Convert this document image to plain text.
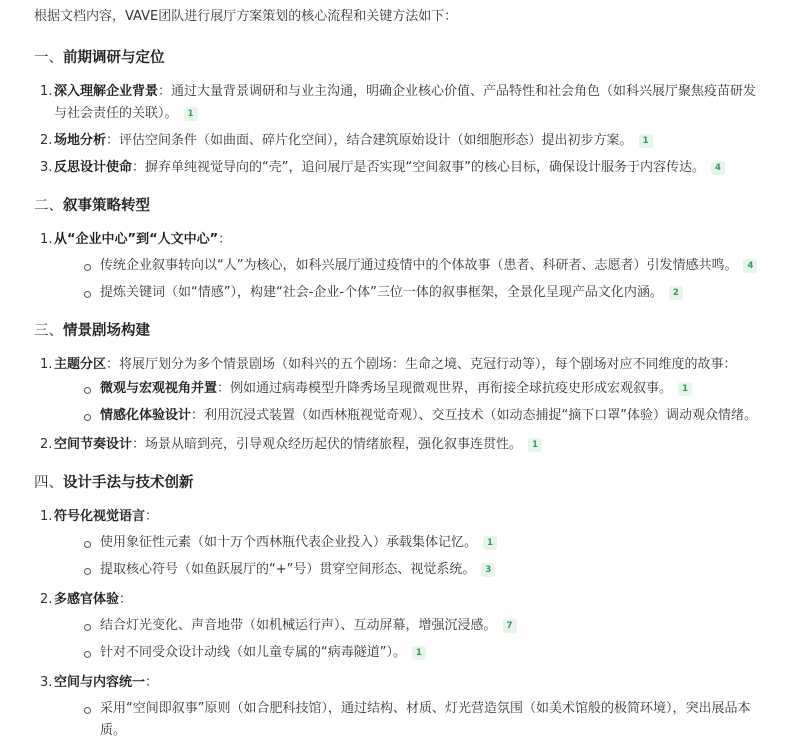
根据文档内容，VAVE团队进行展厅方案策划的核心流程和关键方法如下：

一、前期调研与定位
1. 深入理解企业背景：通过大量背景调研和与业主沟通，明确企业核心价值、产品特性和社会角色（如科兴展厅聚焦疫苗研发与社会责任的关联）。 1
2. 场地分析：评估空间条件（如曲面、碎片化空间），结合建筑原始设计（如细胞形态）提出初步方案。 1
3. 反思设计使命：摒弃单纯视觉导向的“壳”，追问展厅是否实现“空间叙事”的核心目标，确保设计服务于内容传达。 4
二、叙事策略转型
1. 从“企业中心”到“人文中心”：
传统企业叙事转向以“人”为核心，如科兴展厅通过疫情中的个体故事（患者、科研者、志愿者）引发情感共鸣。 4
提炼关键词（如“情感”），构建“社会-企业-个体”三位一体的叙事框架，全景化呈现产品文化内涵。 2
三、情景剧场构建
1. 主题分区：将展厅划分为多个情景剧场（如科兴的五个剧场：生命之境、克冠行动等），每个剧场对应不同维度的故事：
微观与宏观视角并置：例如通过病毒模型升降秀场呈现微观世界，再衔接全球抗疫史形成宏观叙事。 1
情感化体验设计：利用沉浸式装置（如西林瓶视觉奇观）、交互技术（如动态捕捉“摘下口罩”体验）调动观众情绪。
2. 空间节奏设计：场景从暗到亮，引导观众经历起伏的情绪旅程，强化叙事连贯性。 1
四、设计手法与技术创新
1. 符号化视觉语言：
使用象征性元素（如十万个西林瓶代表企业投入）承载集体记忆。 1
提取核心符号（如鱼跃展厅的“+”号）贯穿空间形态、视觉系统。 3
2. 多感官体验：
结合灯光变化、声音地带（如机械运行声）、互动屏幕，增强沉浸感。 7
针对不同受众设计动线（如儿童专属的“病毒隧道”）。 1
3. 空间与内容统一：
采用“空间即叙事”原则（如合肥科技馆），通过结构、材质、灯光营造氛围（如美术馆般的极简环境），突出展品本质。
